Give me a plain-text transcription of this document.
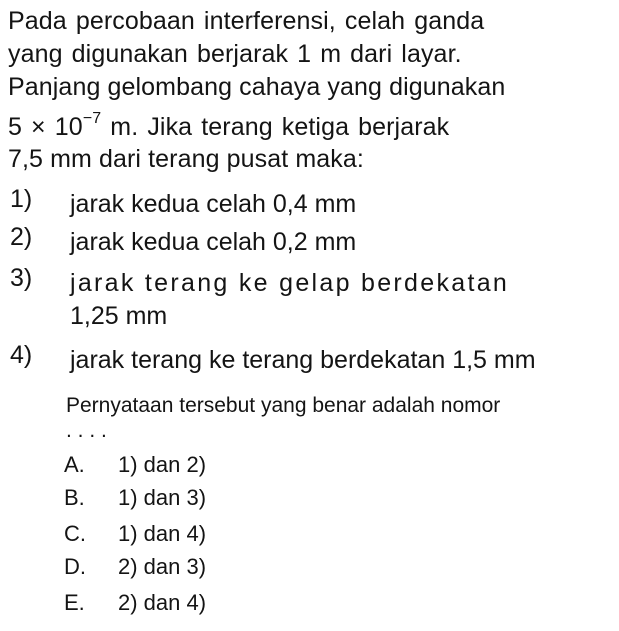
Pada percobaan interferensi, celah ganda
yang digunakan berjarak 1 m dari layar.
Panjang gelombang cahaya yang digunakan
$5 \times 10^{-7}$ m. Jika terang ketiga berjarak
7,5 mm dari terang pusat maka:
1) jarak kedua celah 0,4 mm
2) jarak kedua celah 0,2 mm
3) jarak terang ke gelap berdekatan
1,25 mm
4) jarak terang ke terang berdekatan 1,5 mm
Pernyataan tersebut yang benar adalah nomor
. . . .
A. 1) dan 2)
B. 1) dan 3)
C. 1) dan 4)
D. 2) dan 3)
E. 2) dan 4)
